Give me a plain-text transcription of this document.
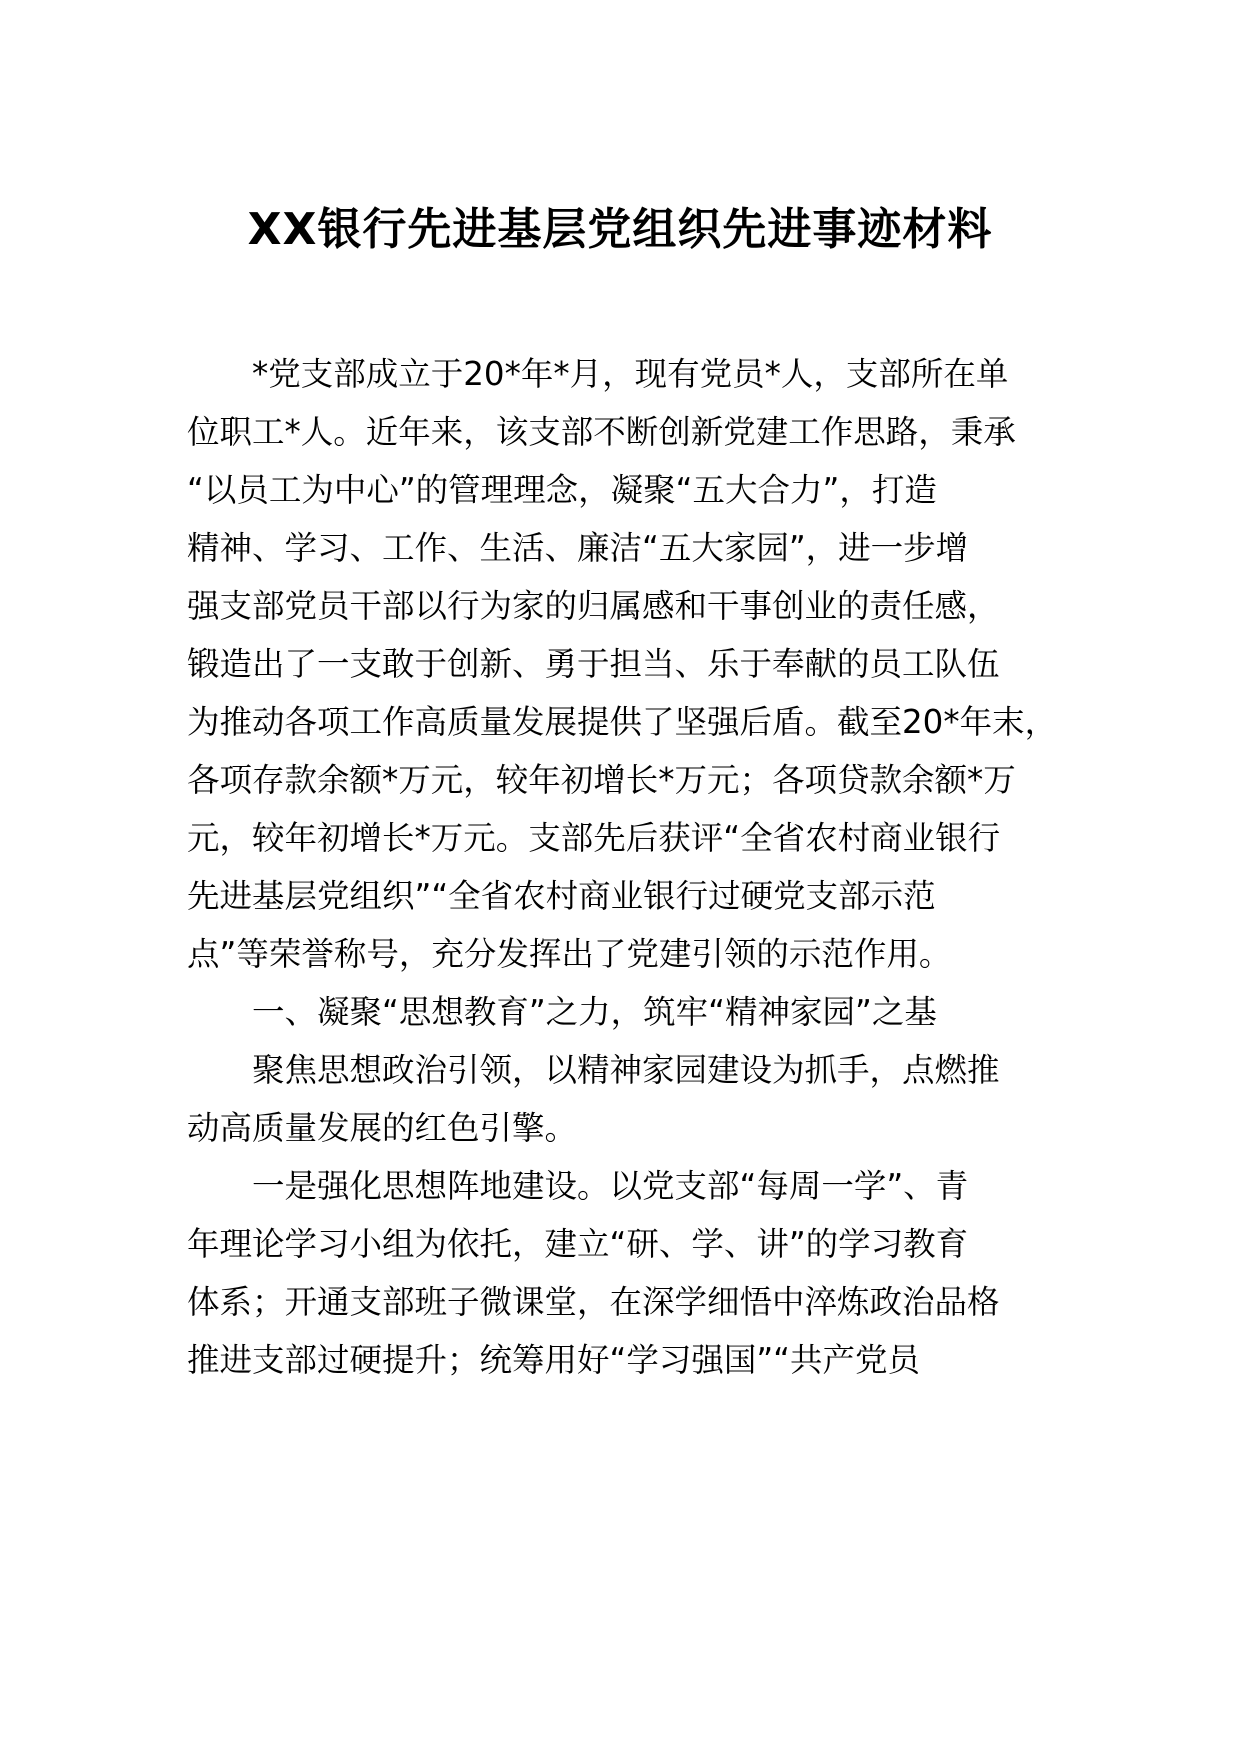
XX银行先进基层党组织先进事迹材料
*党支部成立于20*年*月，现有党员*人，支部所在单
位职工*人。近年来，该支部不断创新党建工作思路，秉承
“以员工为中心”的管理理念，凝聚“五大合力”，打造
精神、学习、工作、生活、廉洁“五大家园”，进一步增
强支部党员干部以行为家的归属感和干事创业的责任感，
锻造出了一支敢于创新、勇于担当、乐于奉献的员工队伍
为推动各项工作高质量发展提供了坚强后盾。截至20*年末，
各项存款余额*万元，较年初增长*万元；各项贷款余额*万
元，较年初增长*万元。支部先后获评“全省农村商业银行
先进基层党组织”“全省农村商业银行过硬党支部示范
点”等荣誉称号，充分发挥出了党建引领的示范作用。
一、凝聚“思想教育”之力，筑牢“精神家园”之基
聚焦思想政治引领，以精神家园建设为抓手，点燃推
动高质量发展的红色引擎。
一是强化思想阵地建设。以党支部“每周一学”、青
年理论学习小组为依托，建立“研、学、讲”的学习教育
体系；开通支部班子微课堂，在深学细悟中淬炼政治品格
推进支部过硬提升；统筹用好“学习强国”“共产党员
